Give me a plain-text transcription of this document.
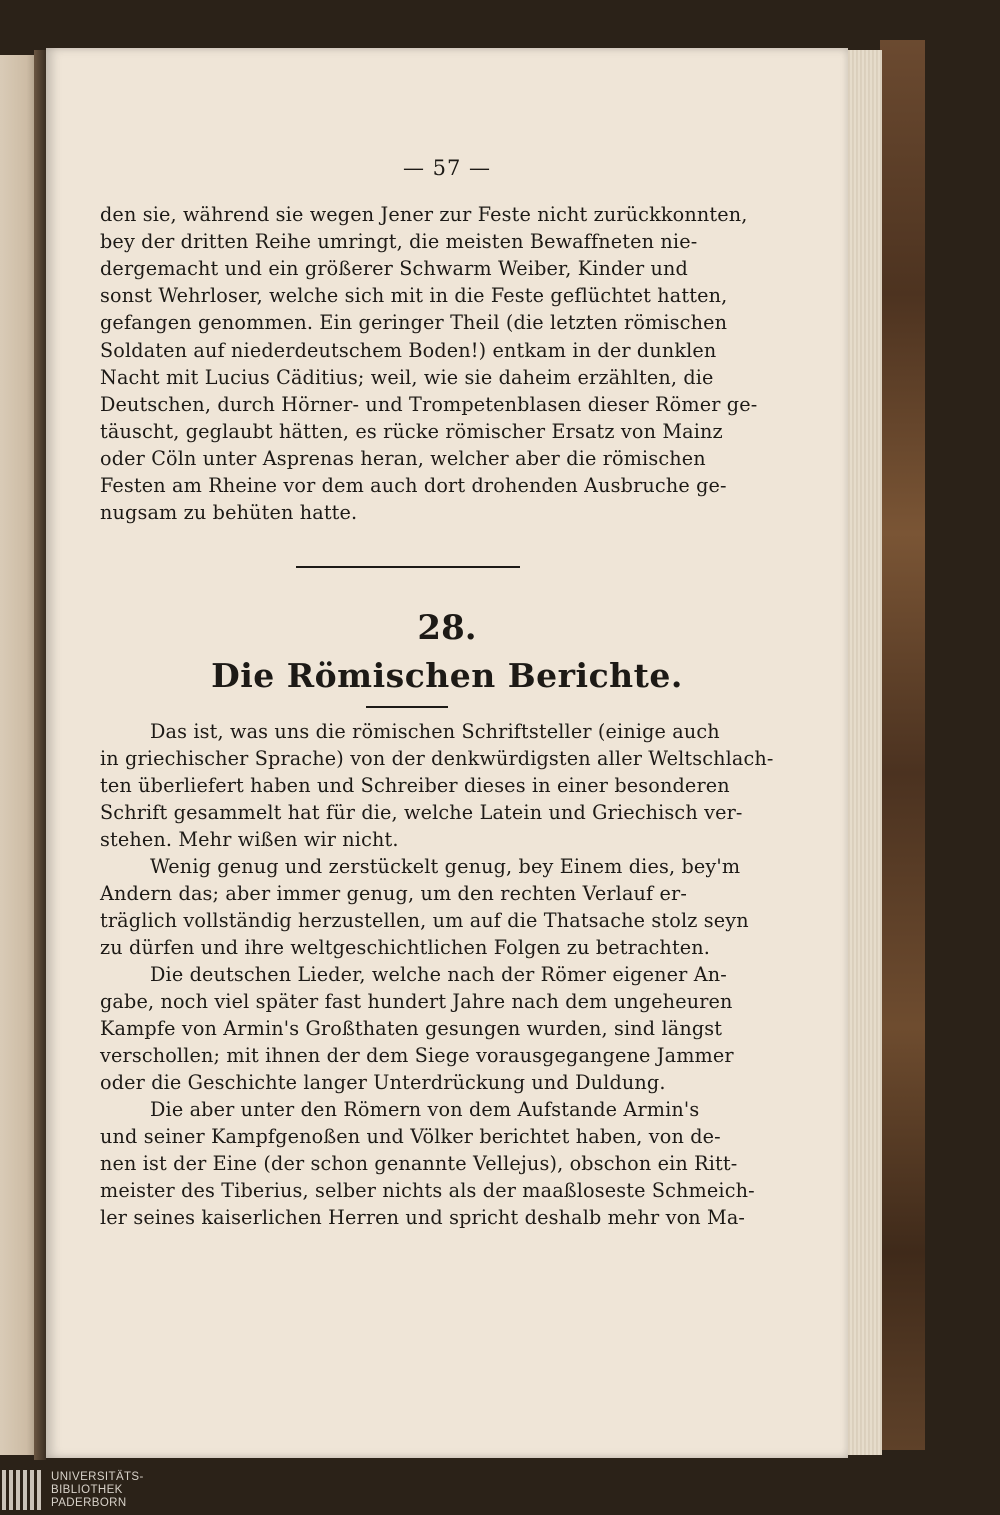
— 57 —
den sie, während sie wegen Jener zur Feste nicht zurückkonnten,
bey der dritten Reihe umringt, die meisten Bewaffneten nie-
dergemacht und ein größerer Schwarm Weiber, Kinder und
sonst Wehrloser, welche sich mit in die Feste geflüchtet hatten,
gefangen genommen. Ein geringer Theil (die letzten römischen
Soldaten auf niederdeutschem Boden!) entkam in der dunklen
Nacht mit Lucius Cäditius; weil, wie sie daheim erzählten, die
Deutschen, durch Hörner- und Trompetenblasen dieser Römer ge-
täuscht, geglaubt hätten, es rücke römischer Ersatz von Mainz
oder Cöln unter Asprenas heran, welcher aber die römischen
Festen am Rheine vor dem auch dort drohenden Ausbruche ge-
nugsam zu behüten hatte.
28.
Die Römischen Berichte.
Das ist, was uns die römischen Schriftsteller (einige auch
in griechischer Sprache) von der denkwürdigsten aller Weltschlach-
ten überliefert haben und Schreiber dieses in einer besonderen
Schrift gesammelt hat für die, welche Latein und Griechisch ver-
stehen. Mehr wißen wir nicht.
Wenig genug und zerstückelt genug, bey Einem dies, bey'm
Andern das; aber immer genug, um den rechten Verlauf er-
träglich vollständig herzustellen, um auf die Thatsache stolz seyn
zu dürfen und ihre weltgeschichtlichen Folgen zu betrachten.
Die deutschen Lieder, welche nach der Römer eigener An-
gabe, noch viel später fast hundert Jahre nach dem ungeheuren
Kampfe von Armin's Großthaten gesungen wurden, sind längst
verschollen; mit ihnen der dem Siege vorausgegangene Jammer
oder die Geschichte langer Unterdrückung und Duldung.
Die aber unter den Römern von dem Aufstande Armin's
und seiner Kampfgenoßen und Völker berichtet haben, von de-
nen ist der Eine (der schon genannte Vellejus), obschon ein Ritt-
meister des Tiberius, selber nichts als der maaßloseste Schmeich-
ler seines kaiserlichen Herren und spricht deshalb mehr von Ma-
UNIVERSITÄTS-
BIBLIOTHEK
PADERBORN
